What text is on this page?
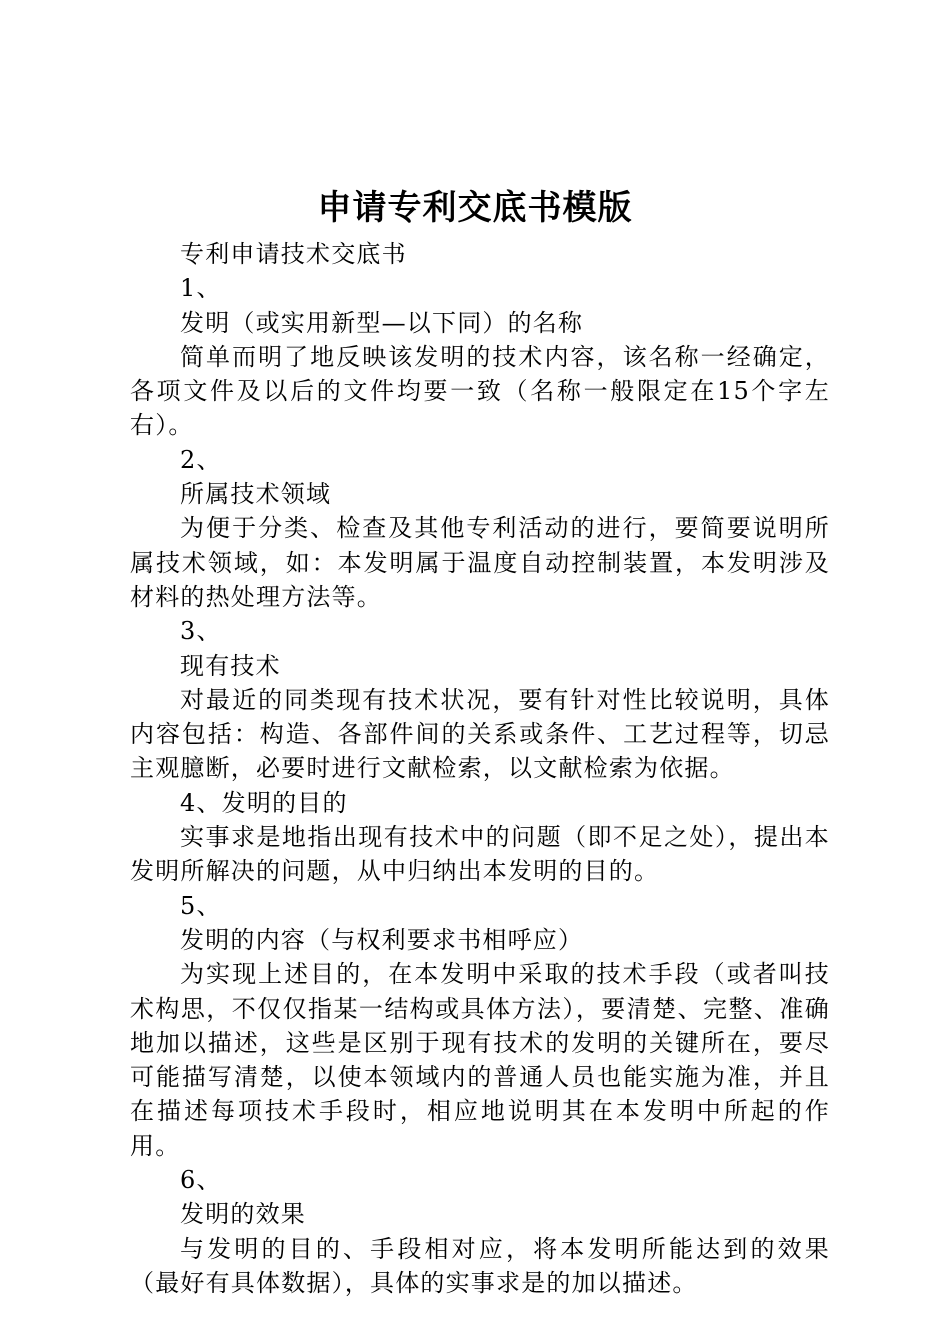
申请专利交底书模版

专利申请技术交底书

1、

发明（或实用新型—以下同）的名称

简单而明了地反映该发明的技术内容，该名称一经确定，各项文件及以后的文件均要一致（名称一般限定在15个字左右）。

2、

所属技术领域

为便于分类、检查及其他专利活动的进行，要简要说明所属技术领域，如：本发明属于温度自动控制装置，本发明涉及材料的热处理方法等。

3、

现有技术

对最近的同类现有技术状况，要有针对性比较说明，具体内容包括：构造、各部件间的关系或条件、工艺过程等，切忌主观臆断，必要时进行文献检索，以文献检索为依据。

4、发明的目的

实事求是地指出现有技术中的问题（即不足之处），提出本发明所解决的问题，从中归纳出本发明的目的。

5、

发明的内容（与权利要求书相呼应）

为实现上述目的，在本发明中采取的技术手段（或者叫技术构思，不仅仅指某一结构或具体方法），要清楚、完整、准确地加以描述，这些是区别于现有技术的发明的关键所在，要尽可能描写清楚，以使本领域内的普通人员也能实施为准，并且在描述每项技术手段时，相应地说明其在本发明中所起的作用。

6、

发明的效果

与发明的目的、手段相对应，将本发明所能达到的效果（最好有具体数据），具体的实事求是的加以描述。
